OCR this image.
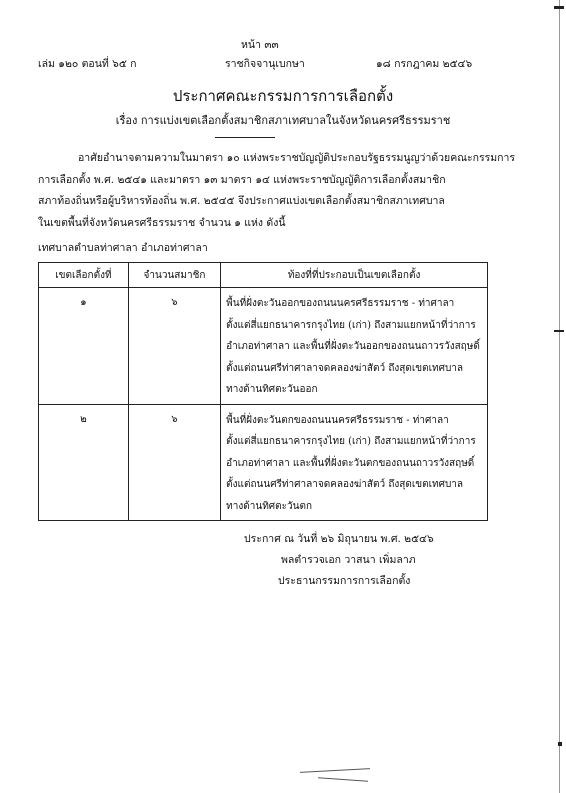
หน้า ๓๓
เล่ม ๑๒๐ ตอนที่ ๖๕ ก	ราชกิจจานุเบกษา	๑๘ กรกฎาคม ๒๕๔๖
ประกาศคณะกรรมการการเลือกตั้ง
เรื่อง การแบ่งเขตเลือกตั้งสมาชิกสภาเทศบาลในจังหวัดนครศรีธรรมราช
อาศัยอำนาจตามความในมาตรา ๑๐ แห่งพระราชบัญญัติประกอบรัฐธรรมนูญว่าด้วยคณะกรรมการ
การเลือกตั้ง พ.ศ. ๒๕๔๑ และมาตรา ๑๓ มาตรา ๑๔ แห่งพระราชบัญญัติการเลือกตั้งสมาชิก
สภาท้องถิ่นหรือผู้บริหารท้องถิ่น พ.ศ. ๒๕๔๕ จึงประกาศแบ่งเขตเลือกตั้งสมาชิกสภาเทศบาล
ในเขตพื้นที่จังหวัดนครศรีธรรมราช จำนวน ๑ แห่ง ดังนี้
เทศบาลตำบลท่าศาลา อำเภอท่าศาลา
เขตเลือกตั้งที่	จำนวนสมาชิก	ท้องที่ที่ประกอบเป็นเขตเลือกตั้ง

๑	๖	พื้นที่ฝั่งตะวันออกของถนนนครศรีธรรมราช - ท่าศาลา
ตั้งแต่สี่แยกธนาคารกรุงไทย (เก่า) ถึงสามแยกหน้าที่ว่าการ
อำเภอท่าศาลา และพื้นที่ฝั่งตะวันออกของถนนถาวรวังสฤษดิ์
ตั้งแต่ถนนศรีท่าศาลาจดคลองฆ่าสัตว์ ถึงสุดเขตเทศบาล
ทางด้านทิศตะวันออก

๒	๖	พื้นที่ฝั่งตะวันตกของถนนนครศรีธรรมราช - ท่าศาลา
ตั้งแต่สี่แยกธนาคารกรุงไทย (เก่า) ถึงสามแยกหน้าที่ว่าการ
อำเภอท่าศาลา และพื้นที่ฝั่งตะวันตกของถนนถาวรวังสฤษดิ์
ตั้งแต่ถนนศรีท่าศาลาจดคลองฆ่าสัตว์ ถึงสุดเขตเทศบาล
ทางด้านทิศตะวันตก
ประกาศ ณ วันที่ ๒๖ มิถุนายน พ.ศ. ๒๕๔๖
พลตำรวจเอก วาสนา เพิ่มลาภ
ประธานกรรมการการเลือกตั้ง
